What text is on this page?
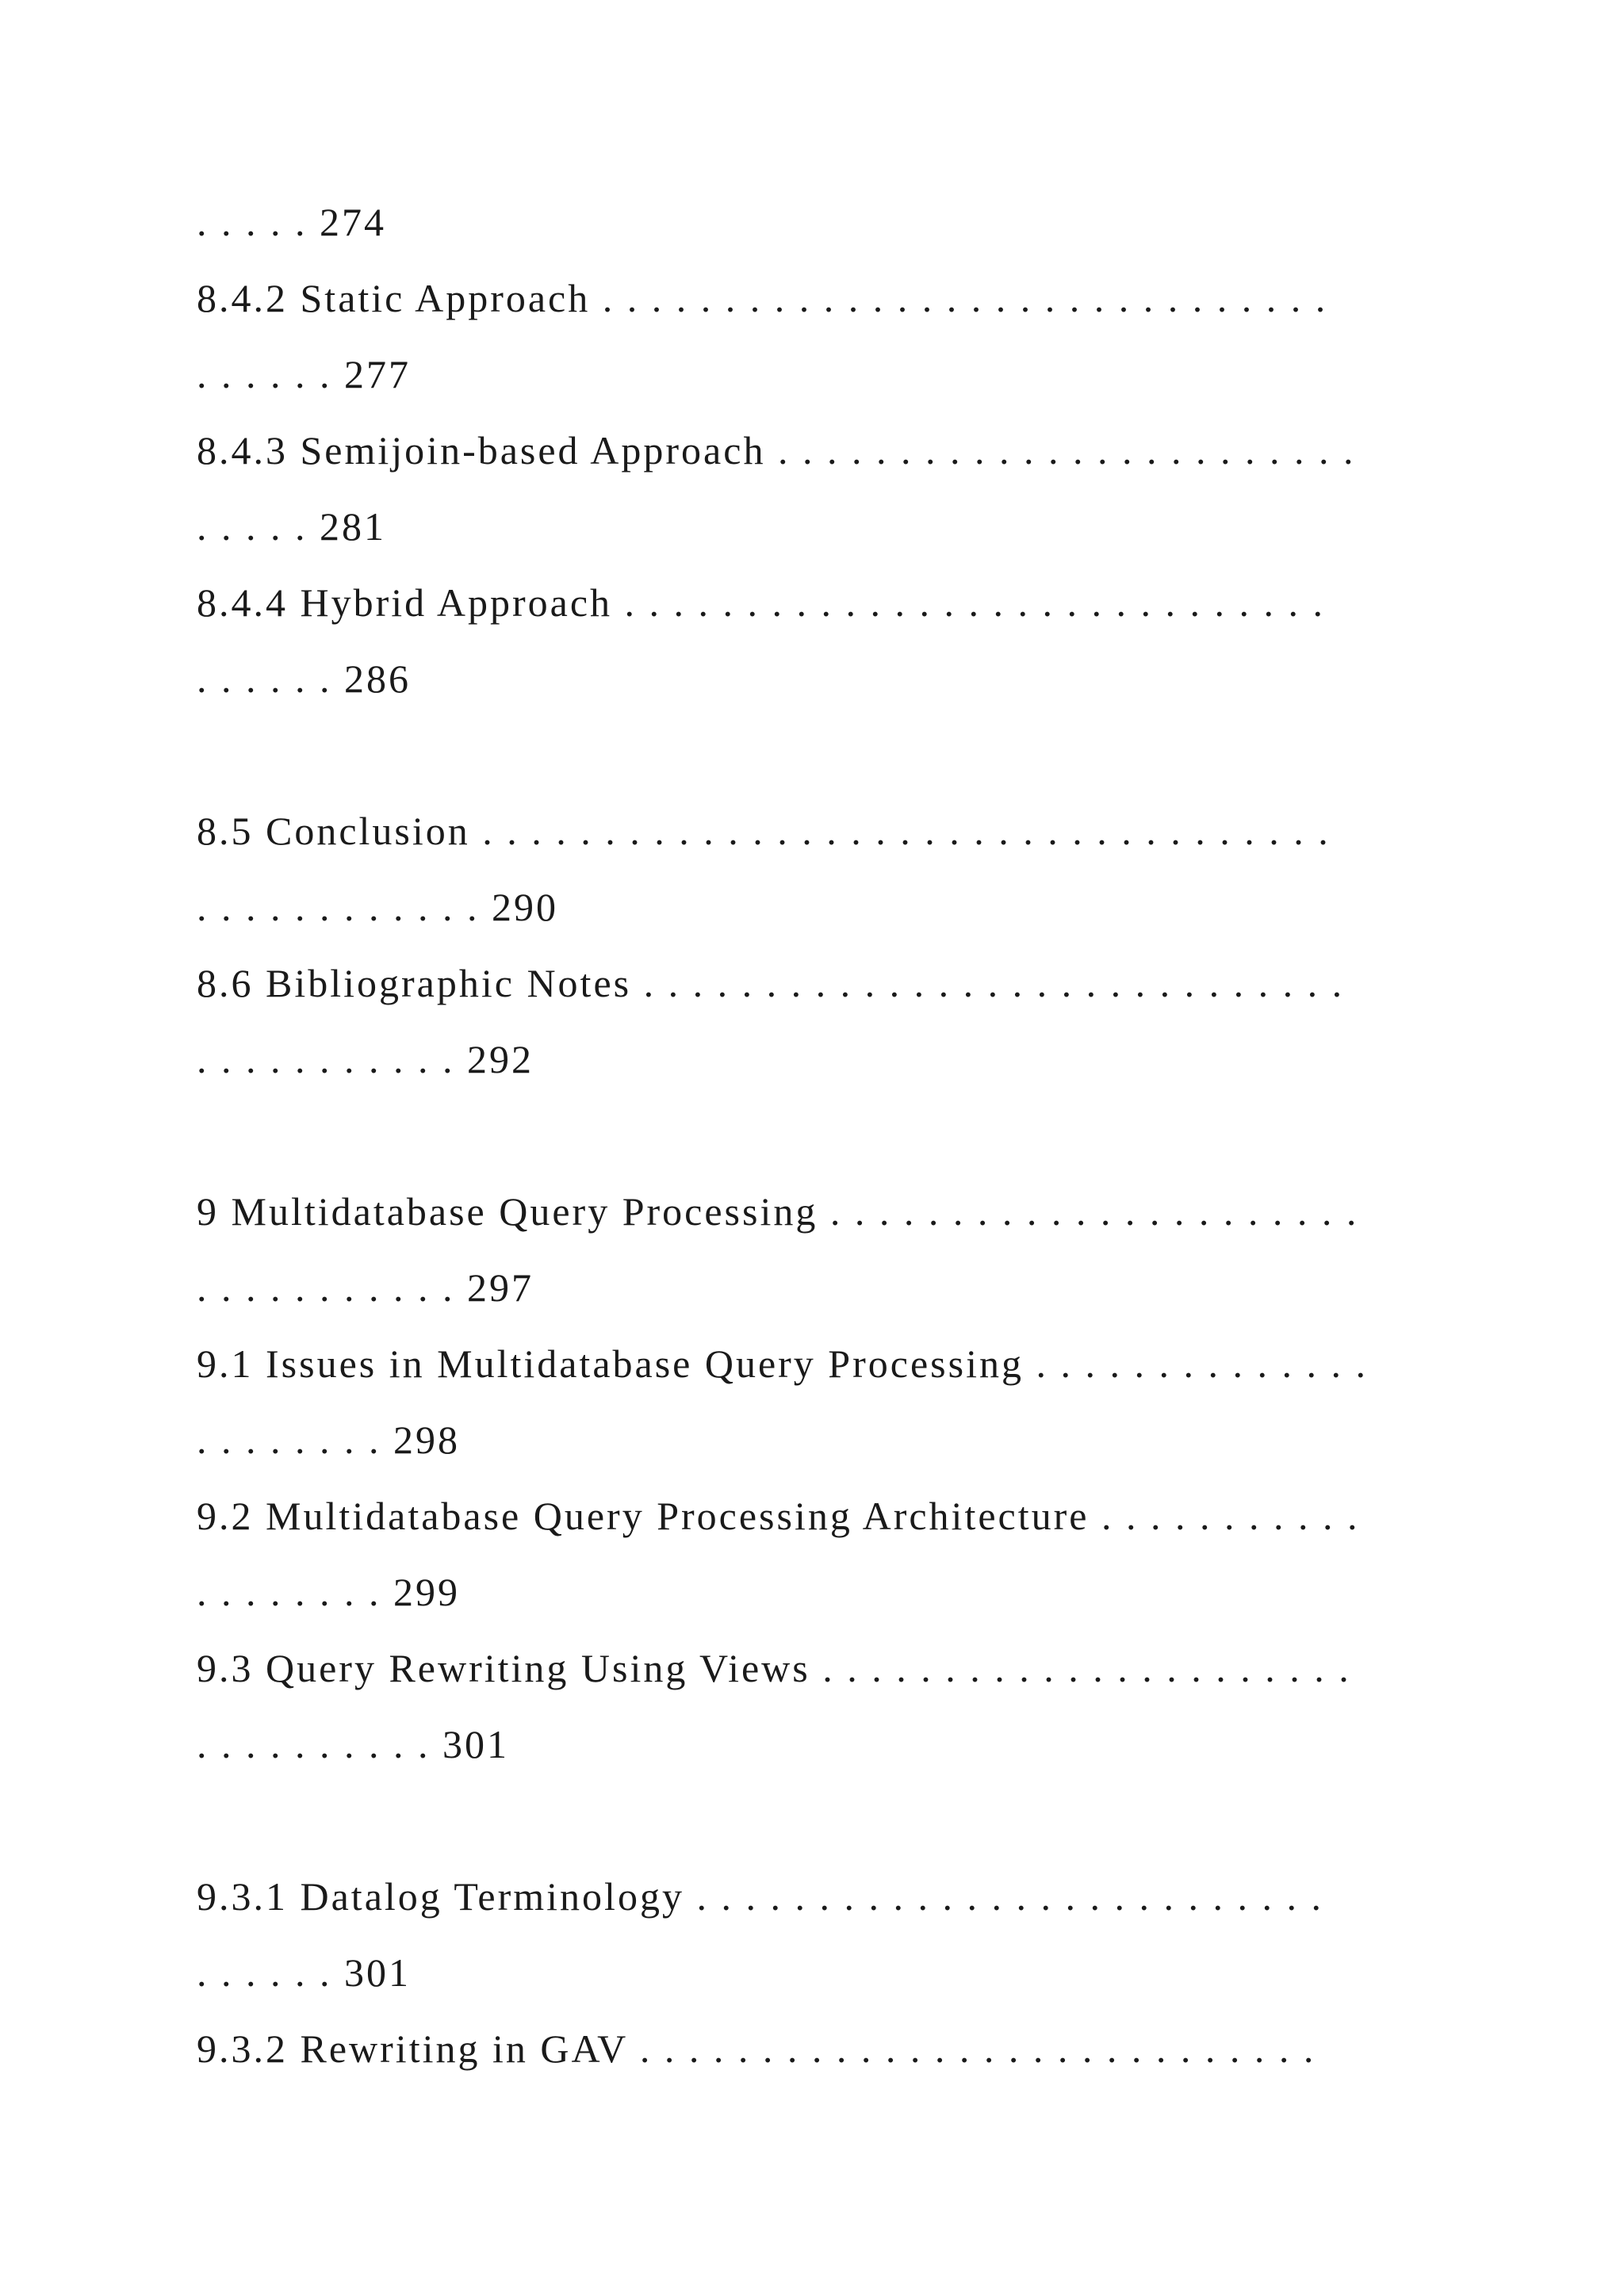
. . . . . 274
8.4.2 Static Approach . . . . . . . . . . . . . . . . . . . . . . . . . . . . . .
. . . . . . 277
8.4.3 Semijoin-based Approach . . . . . . . . . . . . . . . . . . . . . . . .
. . . . . 281
8.4.4 Hybrid Approach . . . . . . . . . . . . . . . . . . . . . . . . . . . . .
. . . . . . 286
8.5 Conclusion . . . . . . . . . . . . . . . . . . . . . . . . . . . . . . . . . . .
. . . . . . . . . . . . 290
8.6 Bibliographic Notes . . . . . . . . . . . . . . . . . . . . . . . . . . . . .
. . . . . . . . . . . 292
9 Multidatabase Query Processing . . . . . . . . . . . . . . . . . . . . . .
. . . . . . . . . . . 297
9.1 Issues in Multidatabase Query Processing . . . . . . . . . . . . . .
. . . . . . . . 298
9.2 Multidatabase Query Processing Architecture . . . . . . . . . . .
. . . . . . . . 299
9.3 Query Rewriting Using Views . . . . . . . . . . . . . . . . . . . . . .
. . . . . . . . . . 301
9.3.1 Datalog Terminology . . . . . . . . . . . . . . . . . . . . . . . . . .
. . . . . . 301
9.3.2 Rewriting in GAV . . . . . . . . . . . . . . . . . . . . . . . . . . . .
